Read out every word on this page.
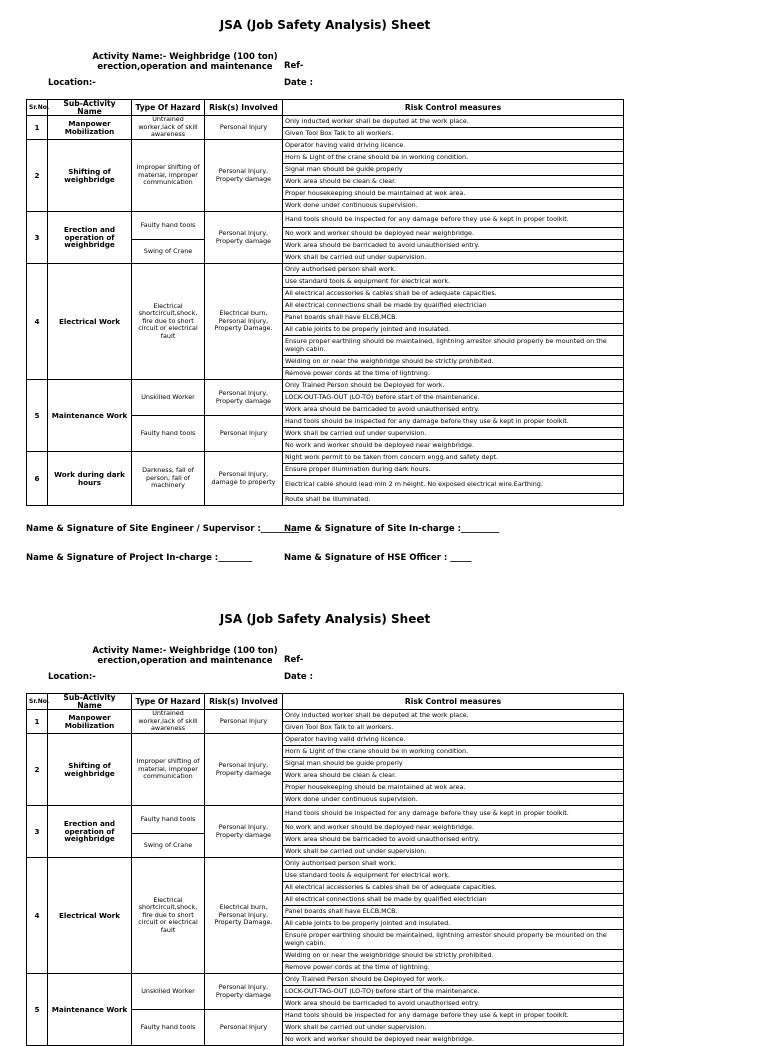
JSA (Job Safety Analysis) Sheet
Activity Name:- Weighbridge (100 ton)
erection,operation and maintenance	Ref-
Location:-	Date :
Sr.No.	Sub-Activity Name	Type Of Hazard	Risk(s) Involved	Risk Control measures
1	Manpower Mobilization	Untrained worker,lack of skill awareness	Personal Injury	Only inducted worker shall be deputed at the work place.
				Given Tool Box Talk to all workers.
2	Shifting of weighbridge	Improper shifting of material, improper communication	Personal Injury, Property damage	Operator having valid driving licence.
				Horn & Light of the crane should be in working condition.
				Signal man should be guide properly
				Work area should be clean & clear.
				Proper housekeeping should be maintained at wok area.
				Work done under continuous supervision.
3	Erection and operation of weighbridge	Faulty hand tools	Personal Injury, Property damage	Hand tools should be inspected for any damage before they use & kept in proper toolkit.
				No work and worker should be deployed near weighbridge.
		Swing of Crane		Work area should be barricaded to avoid unauthorised entry.
				Work shall be carried out under supervision.
4	Electrical Work	Electrical shortcircuit,shock, fire due to short circuit or electrical fault	Electrical burn, Personal Injury, Property Damage.	Only authorised person shall work.
				Use standard tools & equipment for electrical work.
				All electrical accessories & cables shall be of adequate capacities.
				All electrical connections shall be made by qualified electrician
				Panel boards shall have ELCB,MCB.
				All cable joints to be properly jointed and insulated.
				Ensure proper earthling should be maintained, lightning arrestor should properly be mounted on the weigh cabin.
				Welding on or near the weighbridge should be strictly prohibited.
				Remove power cords at the time of lightning.
5	Maintenance Work	Unskilled Worker	Personal Injury, Property damage	Only Trained Person should be Deployed for work.
				LOCK-OUT-TAG-OUT (LO-TO) before start of the maintenance.
				Work area should be barricaded to avoid unauthorised entry.
		Faulty hand tools	Personal Injury	Hand tools should be inspected for any damage before they use & kept in proper toolkit.
				Work shall be carried out under supervision.
				No work and worker should be deployed near weighbridge.
6	Work during dark hours	Darkness, fall of person, fall of machinery	Personal Injury, damage to property	Night work permit to be taken from concern engg.and safety dept.
				Ensure proper illumination during dark hours.
				Electrical cable should lead min 2 m height. No exposed electrical wire.Earthing.
				Route shall be illuminated.
Name & Signature of Site Engineer / Supervisor :_________
Name & Signature of Site In-charge :_________
Name & Signature of Project In-charge :________	Name & Signature of HSE Officer : _____
JSA (Job Safety Analysis) Sheet
Activity Name:- Weighbridge (100 ton)
erection,operation and maintenance	Ref-
Location:-	Date :
Sr.No.	Sub-Activity Name	Type Of Hazard	Risk(s) Involved	Risk Control measures
1	Manpower Mobilization	Untrained worker,lack of skill awareness	Personal Injury	Only inducted worker shall be deputed at the work place.
				Given Tool Box Talk to all workers.
2	Shifting of weighbridge	Improper shifting of material, improper communication	Personal Injury, Property damage	Operator having valid driving licence.
				Horn & Light of the crane should be in working condition.
				Signal man should be guide properly
				Work area should be clean & clear.
				Proper housekeeping should be maintained at wok area.
				Work done under continuous supervision.
3	Erection and operation of weighbridge	Faulty hand tools	Personal Injury, Property damage	Hand tools should be inspected for any damage before they use & kept in proper toolkit.
				No work and worker should be deployed near weighbridge.
		Swing of Crane		Work area should be barricaded to avoid unauthorised entry.
				Work shall be carried out under supervision.
4	Electrical Work	Electrical shortcircuit,shock, fire due to short circuit or electrical fault	Electrical burn, Personal Injury, Property Damage.	Only authorised person shall work.
				Use standard tools & equipment for electrical work.
				All electrical accessories & cables shall be of adequate capacities.
				All electrical connections shall be made by qualified electrician
				Panel boards shall have ELCB,MCB.
				All cable joints to be properly jointed and insulated.
				Ensure proper earthling should be maintained, lightning arrestor should properly be mounted on the weigh cabin.
				Welding on or near the weighbridge should be strictly prohibited.
				Remove power cords at the time of lightning.
5	Maintenance Work	Unskilled Worker	Personal Injury, Property damage	Only Trained Person should be Deployed for work.
				LOCK-OUT-TAG-OUT (LO-TO) before start of the maintenance.
				Work area should be barricaded to avoid unauthorised entry.
		Faulty hand tools	Personal Injury	Hand tools should be inspected for any damage before they use & kept in proper toolkit.
				Work shall be carried out under supervision.
				No work and worker should be deployed near weighbridge.
